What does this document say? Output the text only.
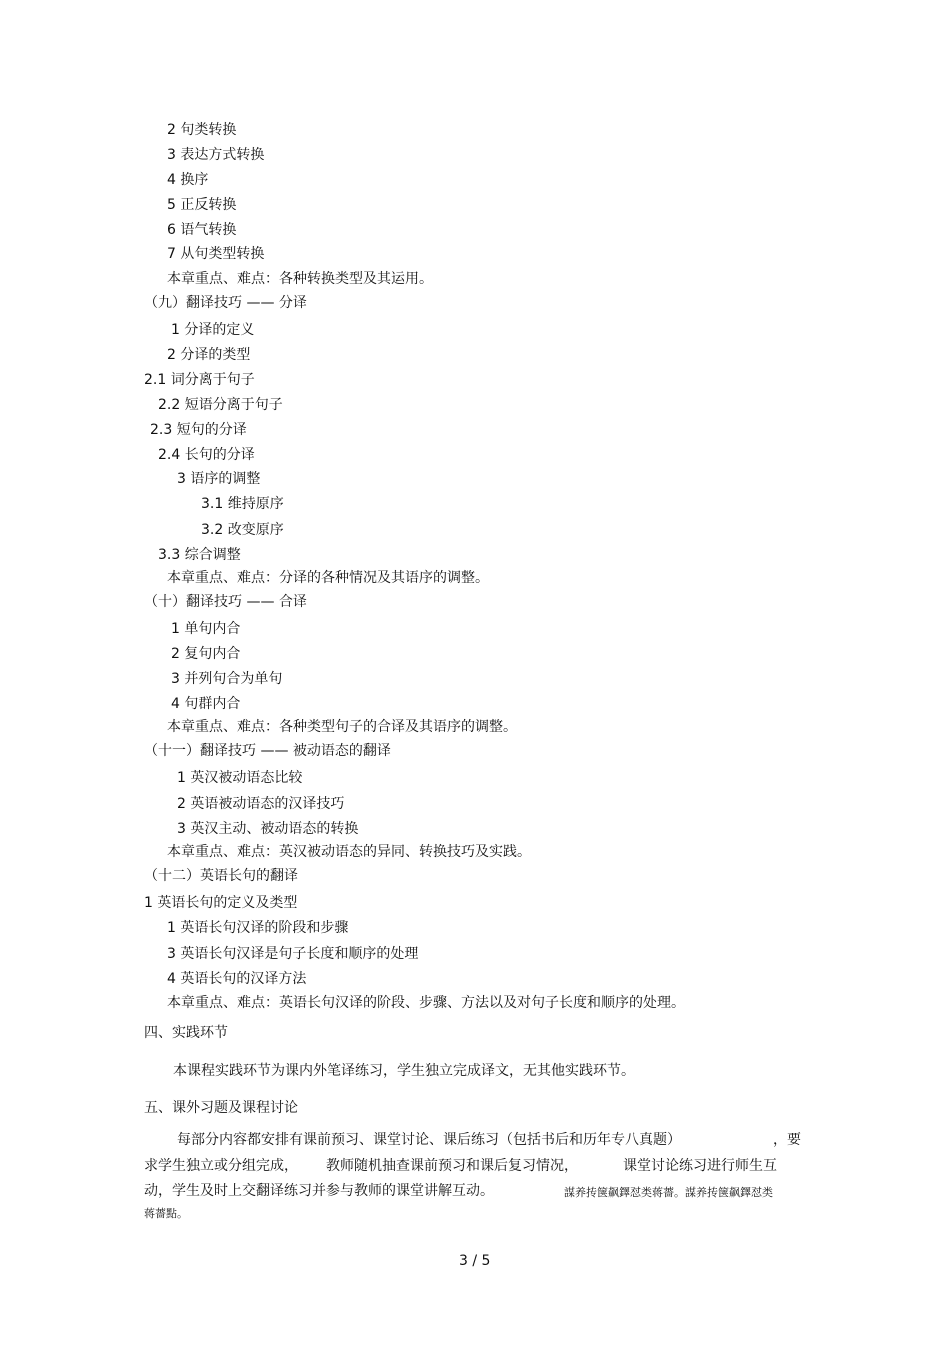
2 句类转换
3 表达方式转换
4 换序
5 正反转换
6 语气转换
7 从句类型转换
本章重点、难点：各种转换类型及其运用。
（九）翻译技巧 —— 分译
1 分译的定义
2 分译的类型
2.1 词分离于句子
2.2 短语分离于句子
2.3 短句的分译
2.4 长句的分译
3 语序的调整
3.1 维持原序
3.2 改变原序
3.3 综合调整
本章重点、难点：分译的各种情况及其语序的调整。
（十）翻译技巧 —— 合译
1 单句内合
2 复句内合
3 并列句合为单句
4 句群内合
本章重点、难点：各种类型句子的合译及其语序的调整。
（十一）翻译技巧 —— 被动语态的翻译
1 英汉被动语态比较
2 英语被动语态的汉译技巧
3 英汉主动、被动语态的转换
本章重点、难点：英汉被动语态的异同、转换技巧及实践。
（十二）英语长句的翻译
1 英语长句的定义及类型
1 英语长句汉译的阶段和步骤
3 英语长句汉译是句子长度和顺序的处理
4 英语长句的汉译方法
本章重点、难点：英语长句汉译的阶段、步骤、方法以及对句子长度和顺序的处理。
四、实践环节
本课程实践环节为课内外笔译练习，学生独立完成译文，无其他实践环节。
五、课外习题及课程讨论
每部分内容都安排有课前预习、课堂讨论、课后练习（包括书后和历年专八真题）	，要
求学生独立或分组完成， 教师随机抽查课前预习和课后复习情况，	课堂讨论练习进行师生互
动，学生及时上交翻译练习并参与教师的课堂讲解互动。	謀养抟箧飙鐸怼类蒋薔。謀养抟箧飙鐸怼类
蒋薔點。
3 / 5
